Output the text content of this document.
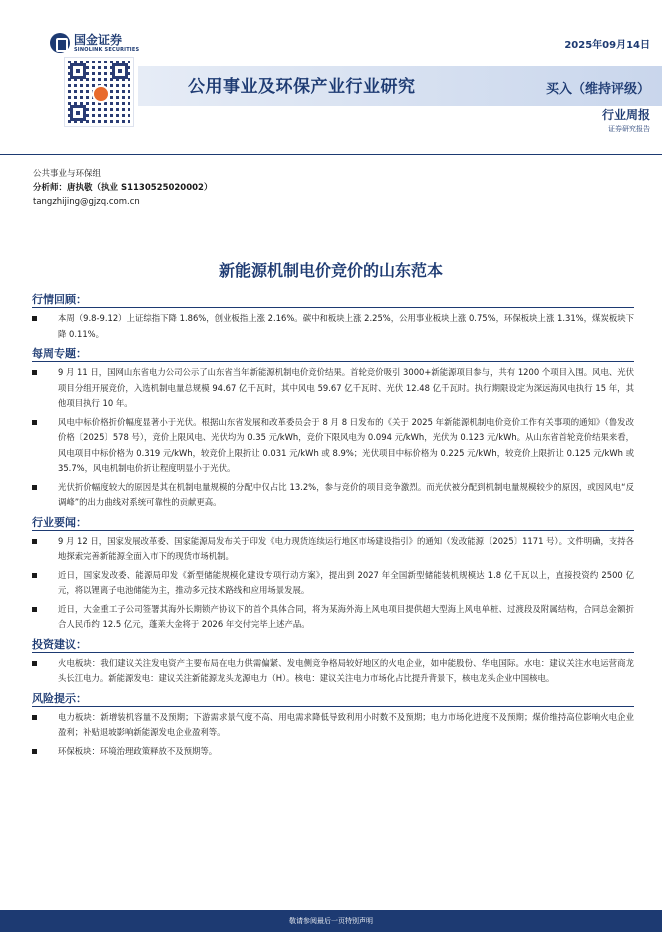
国金证券
SINOLINK SECURITIES	2025年09月14日
公用事业及环保产业行业研究	买入（维持评级）
行业周报
证券研究报告
公共事业与环保组
分析师：唐执敬（执业 S1130525020002）
tangzhijing@gjzq.com.cn
新能源机制电价竞价的山东范本
行情回顾：
本周（9.8-9.12）上证综指下降 1.86%，创业板指上涨 2.16%。碳中和板块上涨 2.25%，公用事业板块上涨 0.75%，环保板块上涨 1.31%，煤炭板块下降 0.11%。
每周专题：
9 月 11 日，国网山东省电力公司公示了山东省当年新能源机制电价竞价结果。首轮竞价吸引 3000+新能源项目参与，共有 1200 个项目入围。风电、光伏项目分组开展竞价，入选机制电量总规模 94.67 亿千瓦时，其中风电 59.67 亿千瓦时、光伏 12.48 亿千瓦时。执行期限设定为深远海风电执行 15 年，其他项目执行 10 年。
风电中标价格折价幅度显著小于光伏。根据山东省发展和改革委员会于 8 月 8 日发布的《关于 2025 年新能源机制电价竞价工作有关事项的通知》（鲁发改价格〔2025〕578 号），竞价上限风电、光伏均为 0.35 元/kWh，竞价下限风电为 0.094 元/kWh，光伏为 0.123 元/kWh。从山东省首轮竞价结果来看，风电项目中标价格为 0.319 元/kWh，较竞价上限折让 0.031 元/kWh 或 8.9%；光伏项目中标价格为 0.225 元/kWh，较竞价上限折让 0.125 元/kWh 或 35.7%，风电机制电价折让程度明显小于光伏。
光伏折价幅度较大的原因是其在机制电量规模的分配中仅占比 13.2%，参与竞价的项目竞争激烈。而光伏被分配到机制电量规模较少的原因，或因风电“反调峰”的出力曲线对系统可靠性的贡献更高。
行业要闻：
9 月 12 日，国家发展改革委、国家能源局发布关于印发《电力现货连续运行地区市场建设指引》的通知（发改能源〔2025〕1171 号）。文件明确，支持各地探索完善新能源全面入市下的现货市场机制。
近日，国家发改委、能源局印发《新型储能规模化建设专项行动方案》，提出到 2027 年全国新型储能装机规模达 1.8 亿千瓦以上，直接投资约 2500 亿元，将以锂离子电池储能为主，推动多元技术路线和应用场景发展。
近日，大金重工子公司签署其海外长期锁产协议下的首个具体合同，将为某海外海上风电项目提供超大型海上风电单桩、过渡段及附属结构，合同总金额折合人民币约 12.5 亿元，蓬莱大金将于 2026 年交付完毕上述产品。
投资建议：
火电板块：我们建议关注发电资产主要布局在电力供需偏紧、发电侧竞争格局较好地区的火电企业，如申能股份、华电国际。水电：建议关注水电运营商龙头长江电力。新能源发电：建议关注新能源龙头龙源电力（H）。核电：建议关注电力市场化占比提升背景下，核电龙头企业中国核电。
风险提示：
电力板块：新增装机容量不及预期；下游需求景气度不高、用电需求降低导致利用小时数不及预期；电力市场化进度不及预期；煤价维持高位影响火电企业盈利；补贴退坡影响新能源发电企业盈利等。
环保板块：环境治理政策释放不及预期等。
敬请参阅最后一页特别声明
